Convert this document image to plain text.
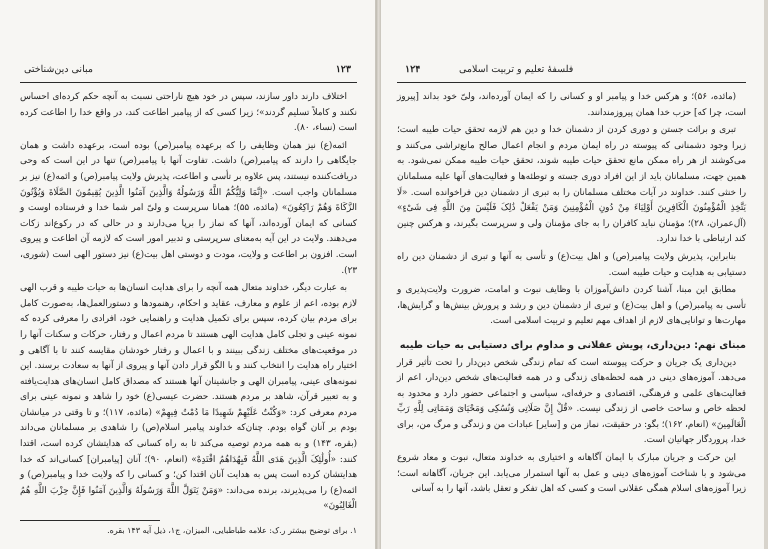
۱۲۳
مبانی دین‌شناختی

اختلاف دارند داور سازند، سپس در خود هیچ ناراحتی نسبت به آنچه حکم کرده‌ای احساس نکنند و کاملاً تسلیم گردند»؛ زیرا کسی که از پیامبر اطاعت کند، در واقع خدا را اطاعت کرده است (نساء، ۸۰).

ائمه(ع) نیز همان وظایفی را که برعهده پیامبر(ص) بوده است، برعهده داشت و همان جایگاهی را دارند که پیامبر(ص) داشت. تفاوت آنها با پیامبر(ص) تنها در این است که وحی دریافت‌کننده نیستند، پس علاوه بر تأسی و اطاعت، پذیرش ولایت پیامبر(ص) و ائمه(ع) نیز بر مسلمانان واجب است. «إِنَّمَا وَلِیُّکُمُ اللَّهُ وَرَسُولُهُ وَالَّذِینَ آمَنُوا الَّذِینَ یُقِیمُونَ الصَّلَاةَ وَیُؤْتُونَ الزَّکَاةَ وَهُمْ رَاکِعُونَ» (مائده، ۵۵)؛ همانا سرپرست و ولیّ امر شما خدا و فرستاده اوست و کسانی که ایمان آورده‌اند، آنها که نماز را برپا می‌دارند و در حالی که در رکوع‌اند زکات می‌دهند. ولایت در این آیه به‌معنای سرپرستی و تدبیر امور است که لازمه آن اطاعت و پیروی است. افزون بر اطاعت و ولایت، مودت و دوستی اهل بیت(ع) نیز دستور الهی است (شوری، ۲۳).

به عبارت دیگر، خداوند متعال همه آنچه را برای هدایت انسان‌ها به حیات طیبه و قرب الهی لازم بوده، اعم از علوم و معارف، عقاید و احکام، رهنمودها و دستورالعمل‌ها، به‌صورت کامل برای مردم بیان کرده، سپس برای تکمیل هدایت و راهنمایی خود، افرادی را معرفی کرده که نمونه عینی و تجلی کامل هدایت الهی هستند تا مردم اعمال و رفتار، حرکات و سکنات آنها را در موقعیت‌های مختلف زندگی ببینند و با اعمال و رفتار خودشان مقایسه کنند تا با آگاهی و اختیار راه هدایت را انتخاب کنند و با الگو قرار دادن آنها و پیروی از آنها به سعادت برسند. این نمونه‌های عینی، پیامبران الهی و جانشینان آنها هستند که مصداق کامل انسان‌های هدایت‌یافته و به تعبیر قرآن، شاهد بر مردم هستند. حضرت عیسی(ع) خود را شاهد و نمونه عینی برای مردم معرفی کرد: «وَکُنْتُ عَلَیْهِمْ شَهِیدًا مَا دُمْتُ فِیهِمْ» (مائده، ۱۱۷)؛ و تا وقتی در میانشان بودم بر آنان گواه بودم. چنان‌که خداوند پیامبر اسلام(ص) را شاهدی بر مسلمانان می‌داند (بقره، ۱۴۳) و به همه مردم توصیه می‌کند تا به راه کسانی که هدایتشان کرده است، اقتدا کنند: «أُولَٰئِکَ الَّذِینَ هَدَى اللَّهُ فَبِهُدَاهُمُ اقْتَدِهْ» (انعام، ۹۰)؛ آنان [پیامبران] کسانی‌اند که خدا هدایتشان کرده است پس به هدایت آنان اقتدا کن؛ و کسانی را که ولایت خدا و پیامبر(ص) و ائمه(ع) را می‌پذیرند، برنده می‌داند: «وَمَنْ یَتَوَلَّ اللَّهَ وَرَسُولَهُ وَالَّذِینَ آمَنُوا فَإِنَّ حِزْبَ اللَّهِ هُمُ الْغَالِبُونَ»

۱. برای توضیح بیشتر ر.ک: علامه طباطبایی، المیزان، ج۱، ذیل آیه ۱۴۳ بقره.
۱۲۴	فلسفهٔ تعلیم و تربیت اسلامی

(مائده، ۵۶)؛ و هرکس خدا و پیامبر او و کسانی را که ایمان آورده‌اند، ولیّ خود بداند [پیروز است، چرا که] حزب خدا همان پیروزمندانند.

تبری و برائت جستن و دوری کردن از دشمنان خدا و دین هم لازمه تحقق حیات طیبه است؛ زیرا وجود دشمنانی که پیوسته در راه ایمان مردم و انجام اعمال صالح مانع‌تراشی می‌کنند و می‌کوشند از هر راه ممکن مانع تحقق حیات طیبه شوند، تحقق حیات طیبه ممکن نمی‌شود. به همین جهت، مسلمانان باید از این افراد دوری جسته و توطئه‌ها و فعالیت‌های آنها علیه مسلمانان را خنثی کنند. خداوند در آیات مختلف مسلمانان را به تبری از دشمنان دین فراخوانده است. «لَا یَتَّخِذِ الْمُؤْمِنُونَ الْکَافِرِینَ أَوْلِیَاءَ مِنْ دُونِ الْمُؤْمِنِینَ وَمَنْ یَفْعَلْ ذَٰلِکَ فَلَیْسَ مِنَ اللَّهِ فِی شَیْءٍ» (آل‌عمران، ۲۸)؛ مؤمنان نباید کافران را به جای مؤمنان ولی و سرپرست بگیرند، و هرکس چنین کند ارتباطی با خدا ندارد.

بنابراین، پذیرش ولایت پیامبر(ص) و اهل بیت(ع) و تأسی به آنها و تبری از دشمنان دین راه دستیابی به هدایت و حیات طیبه است.

مطابق این مبنا، آشنا کردن دانش‌آموزان با وظایف نبوت و امامت، ضرورت ولایت‌پذیری و تأسی به پیامبر(ص) و اهل بیت(ع) و تبری از دشمنان دین و رشد و پرورش بینش‌ها و گرایش‌ها، مهارت‌ها و توانایی‌های لازم از اهداف مهم تعلیم و تربیت اسلامی است.

مبنای نهم: دین‌داری، پویش عقلانی و مداوم برای دستیابی به حیات طیبه

دین‌داری یک جریان و حرکت پیوسته است که تمام زندگی شخص دین‌دار را تحت تأثیر قرار می‌دهد. آموزه‌های دینی در همه لحظه‌های زندگی و در همه فعالیت‌های شخص دین‌دار، اعم از فعالیت‌های علمی و فرهنگی، اقتصادی و حرفه‌ای، سیاسی و اجتماعی حضور دارد و محدود به لحظه خاص و ساحت خاصی از زندگی نیست. «قُلْ إِنَّ صَلَاتِی وَنُسُکِی وَمَحْیَایَ وَمَمَاتِی لِلَّهِ رَبِّ الْعَالَمِینَ» (انعام، ۱۶۲)؛ بگو: در حقیقت، نماز من و [سایر] عبادات من و زندگی و مرگ من، برای خدا، پروردگار جهانیان است.

این حرکت و جریان مبارک با ایمان آگاهانه و اختیاری به خداوند متعال، نبوت و معاد شروع می‌شود و با شناخت آموزه‌های دینی و عمل به آنها استمرار می‌یابد. این جریان، آگاهانه است؛ زیرا آموزه‌های اسلام همگی عقلانی است و کسی که اهل تفکر و تعقل باشد، آنها را به آسانی
